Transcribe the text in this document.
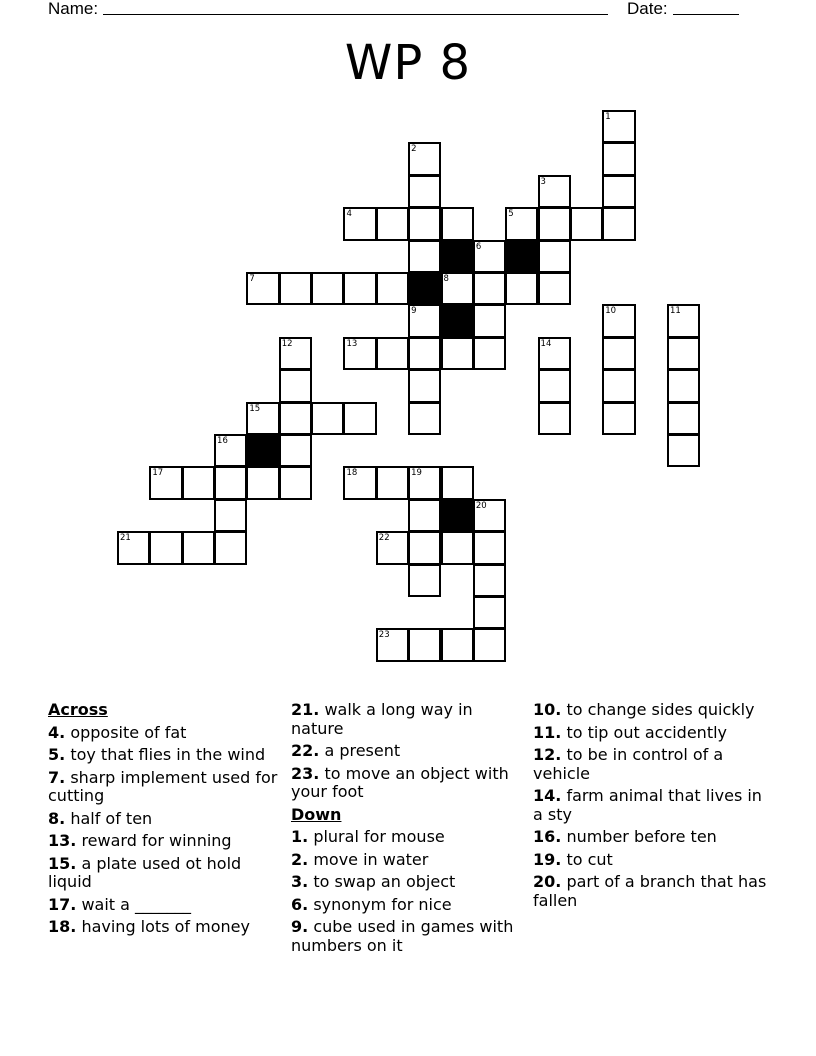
Name:	Date:
WP 8
1
2
3
4	5
6
7	8
9	10	11
12	13	14
15
16
17	18	19
20
21	22
23
Across
4. opposite of fat
5. toy that flies in the wind
7. sharp implement used for cutting
8. half of ten
13. reward for winning
15. a plate used ot hold liquid
17. wait a _______
18. having lots of money
21. walk a long way in nature
22. a present
23. to move an object with your foot
Down
1. plural for mouse
2. move in water
3. to swap an object
6. synonym for nice
9. cube used in games with numbers on it
10. to change sides quickly
11. to tip out accidently
12. to be in control of a vehicle
14. farm animal that lives in a sty
16. number before ten
19. to cut
20. part of a branch that has fallen
